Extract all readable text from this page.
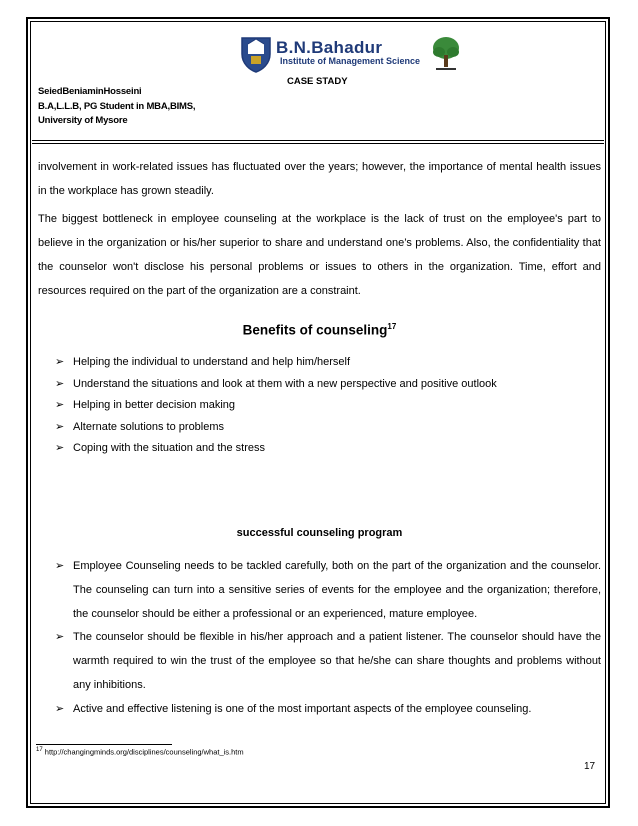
B.N.Bahadur
Institute of Management Science
CASE STADY
SeiedBeniaminHosseini
B.A,L.L.B, PG Student in MBA,BIMS,
University of Mysore

involvement in work-related issues has fluctuated over the years; however, the importance of mental health issues in the workplace has grown steadily.

The biggest bottleneck in employee counseling at the workplace is the lack of trust on the employee's part to believe in the organization or his/her superior to share and understand one’s problems. Also, the confidentiality that the counselor won't disclose his personal problems or issues to others in the organization. Time, effort and resources required on the part of the organization are a constraint.

Benefits of counseling$^{17}$
➢ Helping the individual to understand and help him/herself
➢ Understand the situations and look at them with a new perspective and positive outlook
➢ Helping in better decision making
➢ Alternate solutions to problems
➢ Coping with the situation and the stress
successful counseling program
➢ Employee Counseling needs to be tackled carefully, both on the part of the organization and the counselor. The counseling can turn into a sensitive series of events for the employee and the organization; therefore, the counselor should be either a professional or an experienced, mature employee.
➢ The counselor should be flexible in his/her approach and a patient listener. The counselor should have the warmth required to win the trust of the employee so that he/she can share thoughts and problems without any inhibitions.
➢ Active and effective listening is one of the most important aspects of the employee counseling.
$^{17}$ http://changingminds.org/disciplines/counseling/what_is.htm
17
